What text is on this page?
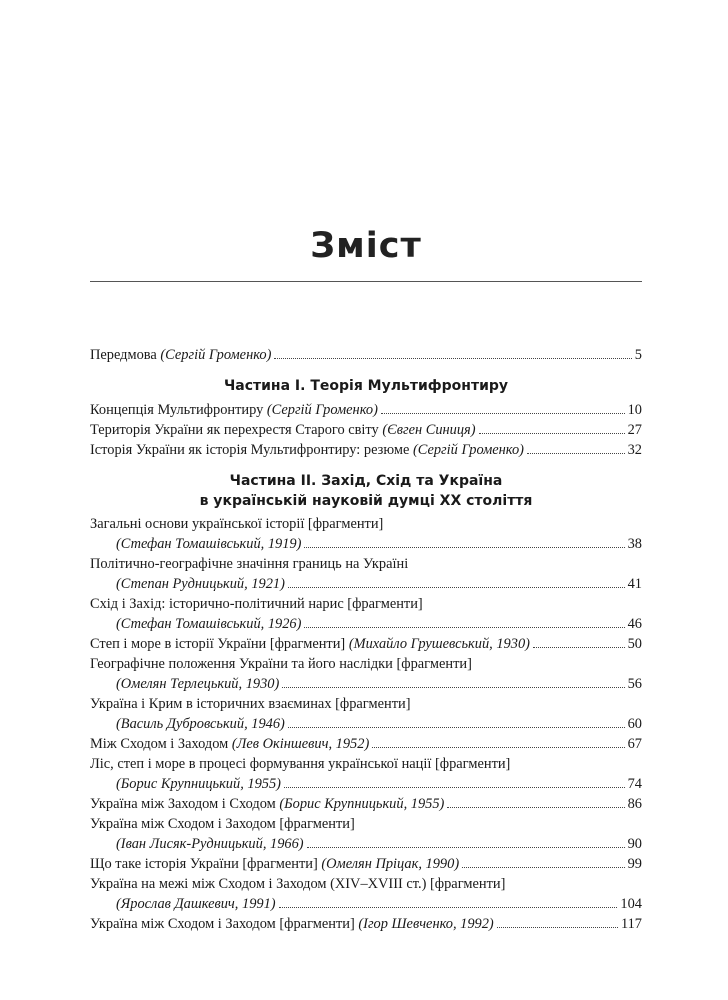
Зміст
Передмова (Сергій Громенко)	5
Частина І. Теорія Мультифронтиру
Концепція Мультифронтиру (Сергій Громенко)	10
Територія України як перехрестя Старого світу (Євген Синиця)	27
Історія України як історія Мультифронтиру: резюме (Сергій Громенко)	32
Частина ІІ. Захід, Схід та Україна
в українській науковій думці ХХ століття
Загальні основи української історії [фрагменти]
(Стефан Томашівський, 1919)	38
Політично-географічне значіння границь на Україні
(Степан Рудницький, 1921)	41
Схід і Захід: історично-політичний нарис [фрагменти]
(Стефан Томашівський, 1926)	46
Степ і море в історії України [фрагменти] (Михайло Грушевський, 1930)	50
Географічне положення України та його наслідки [фрагменти]
(Омелян Терлецький, 1930)	56
Україна і Крим в історичних взаєминах [фрагменти]
(Василь Дубровський, 1946)	60
Між Сходом і Заходом (Лев Окіншевич, 1952)	67
Ліс, степ і море в процесі формування української нації [фрагменти]
(Борис Крупницький, 1955)	74
Україна між Заходом і Сходом (Борис Крупницький, 1955)	86
Україна між Сходом і Заходом [фрагменти]
(Іван Лисяк-Рудницький, 1966)	90
Що таке історія України [фрагменти] (Омелян Пріцак, 1990)	99
Україна на межі між Сходом і Заходом (XIV–XVIII ст.) [фрагменти]
(Ярослав Дашкевич, 1991)	104
Україна між Сходом і Заходом [фрагменти] (Ігор Шевченко, 1992)	117
